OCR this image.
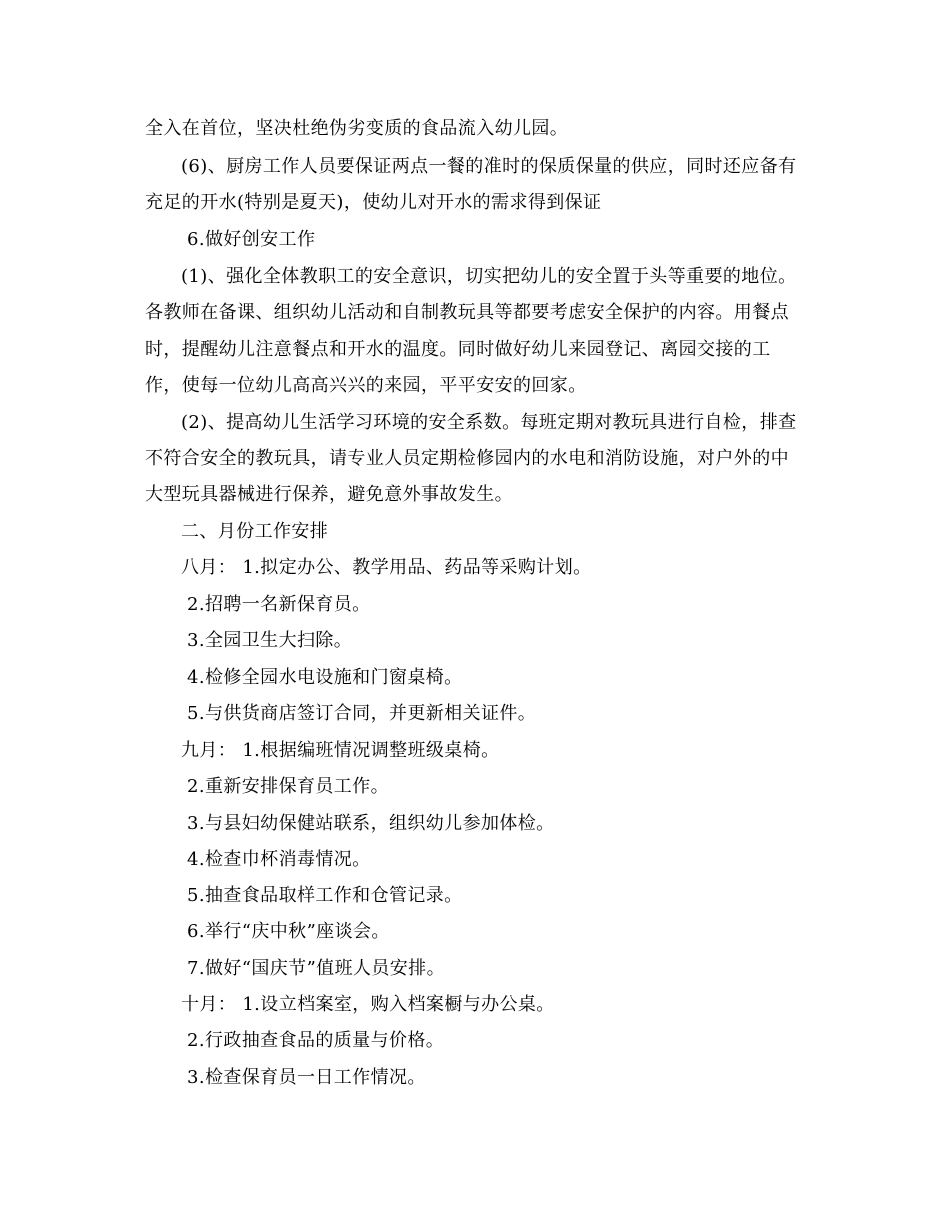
全入在首位，坚决杜绝伪劣变质的食品流入幼儿园。
(6)、厨房工作人员要保证两点一餐的准时的保质保量的供应，同时还应备有
充足的开水(特别是夏天)，使幼儿对开水的需求得到保证
6.做好创安工作
(1)、强化全体教职工的安全意识，切实把幼儿的安全置于头等重要的地位。
各教师在备课、组织幼儿活动和自制教玩具等都要考虑安全保护的内容。用餐点
时，提醒幼儿注意餐点和开水的温度。同时做好幼儿来园登记、离园交接的工
作，使每一位幼儿高高兴兴的来园，平平安安的回家。
(2)、提高幼儿生活学习环境的安全系数。每班定期对教玩具进行自检，排查
不符合安全的教玩具，请专业人员定期检修园内的水电和消防设施，对户外的中
大型玩具器械进行保养，避免意外事故发生。
二、月份工作安排
八月： 1.拟定办公、教学用品、药品等采购计划。
2.招聘一名新保育员。
3.全园卫生大扫除。
4.检修全园水电设施和门窗桌椅。
5.与供货商店签订合同，并更新相关证件。
九月： 1.根据编班情况调整班级桌椅。
2.重新安排保育员工作。
3.与县妇幼保健站联系，组织幼儿参加体检。
4.检查巾杯消毒情况。
5.抽查食品取样工作和仓管记录。
6.举行“庆中秋”座谈会。
7.做好“国庆节”值班人员安排。
十月： 1.设立档案室，购入档案橱与办公桌。
2.行政抽查食品的质量与价格。
3.检查保育员一日工作情况。
